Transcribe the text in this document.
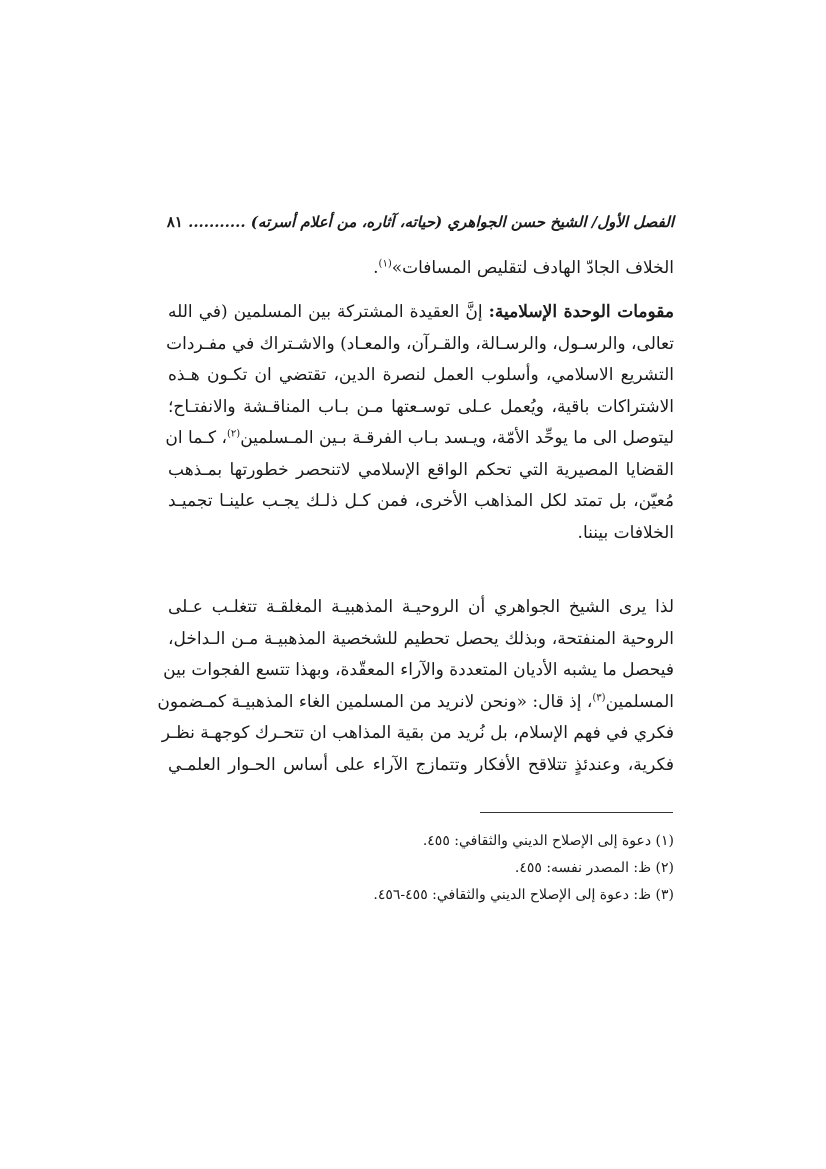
الفصل الأول/ الشيخ حسن الجواهري (حياته، آثاره، من أعلام أسرته) ........... ٨١
الخلاف الجادّ الهادف لتقليص المسافات»$^{(١)}$.
مقومات الوحدة الإسلامية: إنَّ العقيدة المشتركة بين المسلمين (في الله
تعالى، والرسـول، والرسـالة، والقـرآن، والمعـاد) والاشـتراك في مفـردات
التشريع الاسلامي، وأسلوب العمل لنصرة الدين، تقتضي ان تكـون هـذه
الاشتراكات باقية، ويُعمل عـلى توسـعتها مـن بـاب المناقـشة والانفتـاح؛
ليتوصل الى ما يوحِّد الأمّة، ويـسد بـاب الفرقـة بـين المـسلمين$^{(٢)}$، كـما ان
القضايا المصيرية التي تحكم الواقع الإسلامي لاتنحصر خطورتها بمـذهب
مُعيّن، بل تمتد لكل المذاهب الأخرى، فمن كـل ذلـك يجـب علينـا تجميـد
الخلافات بيننا.
لذا يرى الشيخ الجواهري أن الروحيـة المذهبيـة المغلقـة تتغلـب عـلى
الروحية المنفتحة، وبذلك يحصل تحطيم للشخصية المذهبيـة مـن الـداخل،
فيحصل ما يشبه الأديان المتعددة والآراء المعقّدة، وبهذا تتسع الفجوات بين
المسلمين$^{(٣)}$، إذ قال: «ونحن لانريد من المسلمين الغاء المذهبيـة كمـضمون
فكري في فهم الإسلام، بل نُريد من بقية المذاهب ان تتحـرك كوجهـة نظـر
فكرية، وعندئذٍ تتلاقح الأفكار وتتمازج الآراء على أساس الحـوار العلمـي
(١) دعوة إلى الإصلاح الديني والثقافي: ٤٥٥.
(٢) ظ: المصدر نفسه: ٤٥٥.
(٣) ظ: دعوة إلى الإصلاح الديني والثقافي: ٤٥٥-٤٥٦.
